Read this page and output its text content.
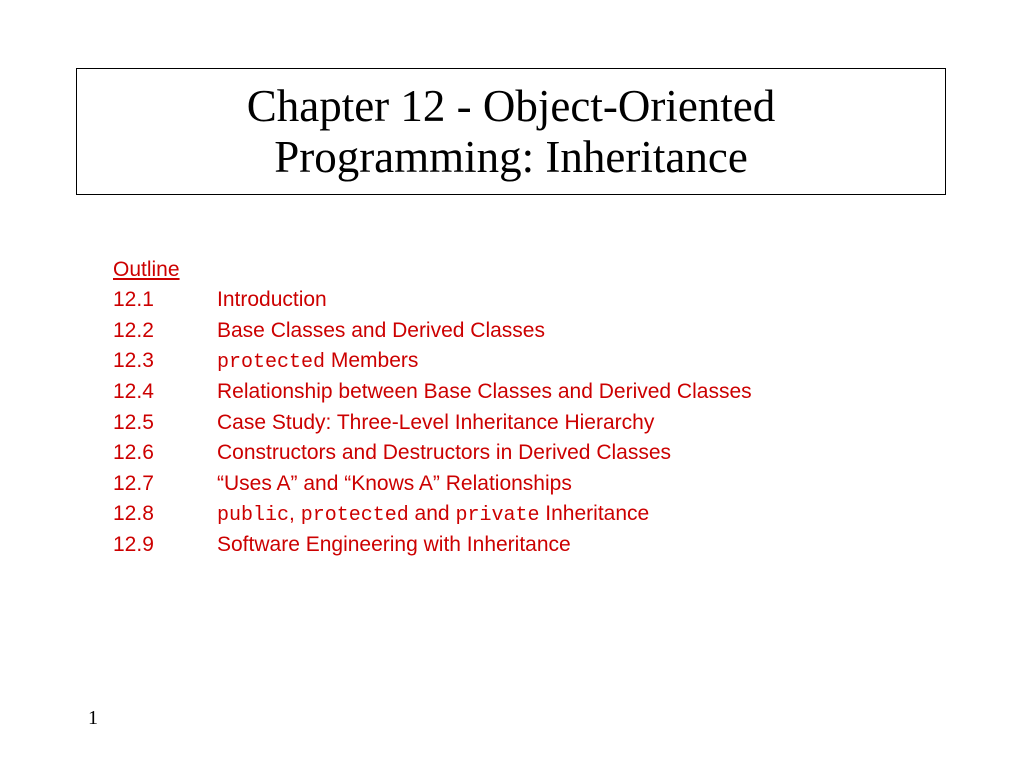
Chapter 12 - Object-Oriented
Programming: Inheritance
Outline
12.1	Introduction
12.2	Base Classes and Derived Classes
12.3	protected Members
12.4	Relationship between Base Classes and Derived Classes
12.5	Case Study: Three-Level Inheritance Hierarchy
12.6	Constructors and Destructors in Derived Classes
12.7	“Uses A” and “Knows A” Relationships
12.8	public, protected and private Inheritance
12.9	Software Engineering with Inheritance
1
